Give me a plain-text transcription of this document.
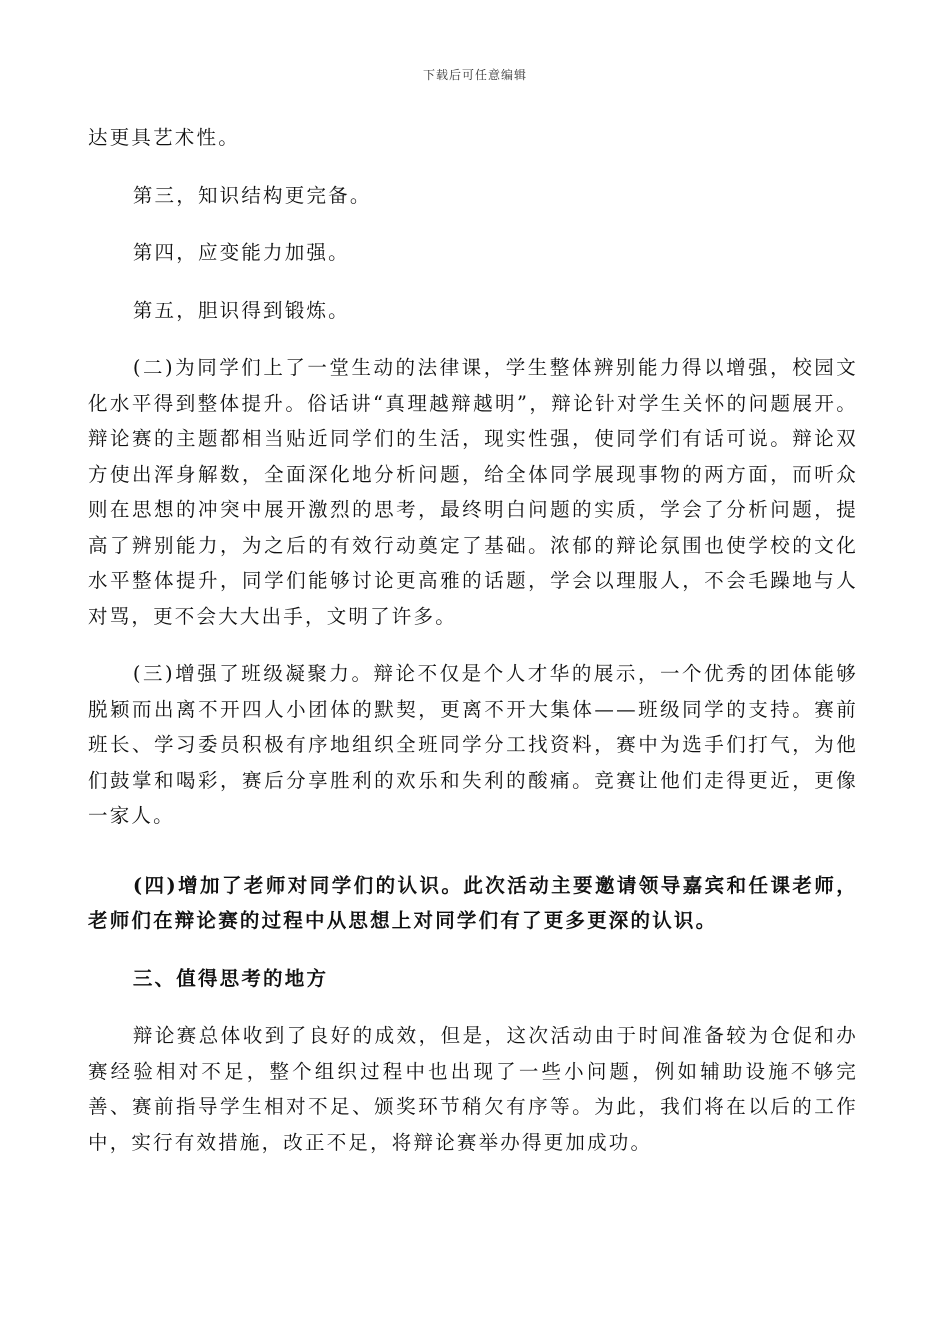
下载后可任意编辑

达更具艺术性。

第三，知识结构更完备。

第四，应变能力加强。

第五，胆识得到锻炼。

(二)为同学们上了一堂生动的法律课，学生整体辨别能力得以增强，校园文化水平得到整体提升。俗话讲“真理越辩越明”，辩论针对学生关怀的问题展开。辩论赛的主题都相当贴近同学们的生活，现实性强，使同学们有话可说。辩论双方使出浑身解数，全面深化地分析问题，给全体同学展现事物的两方面，而听众则在思想的冲突中展开激烈的思考，最终明白问题的实质，学会了分析问题，提高了辨别能力，为之后的有效行动奠定了基础。浓郁的辩论氛围也使学校的文化水平整体提升，同学们能够讨论更高雅的话题，学会以理服人，不会毛躁地与人对骂，更不会大大出手，文明了许多。

(三)增强了班级凝聚力。辩论不仅是个人才华的展示，一个优秀的团体能够脱颖而出离不开四人小团体的默契，更离不开大集体——班级同学的支持。赛前班长、学习委员积极有序地组织全班同学分工找资料，赛中为选手们打气，为他们鼓掌和喝彩，赛后分享胜利的欢乐和失利的酸痛。竞赛让他们走得更近，更像一家人。

(四)增加了老师对同学们的认识。此次活动主要邀请领导嘉宾和任课老师，老师们在辩论赛的过程中从思想上对同学们有了更多更深的认识。

三、值得思考的地方

辩论赛总体收到了良好的成效，但是，这次活动由于时间准备较为仓促和办赛经验相对不足，整个组织过程中也出现了一些小问题，例如辅助设施不够完善、赛前指导学生相对不足、颁奖环节稍欠有序等。为此，我们将在以后的工作中，实行有效措施，改正不足，将辩论赛举办得更加成功。
